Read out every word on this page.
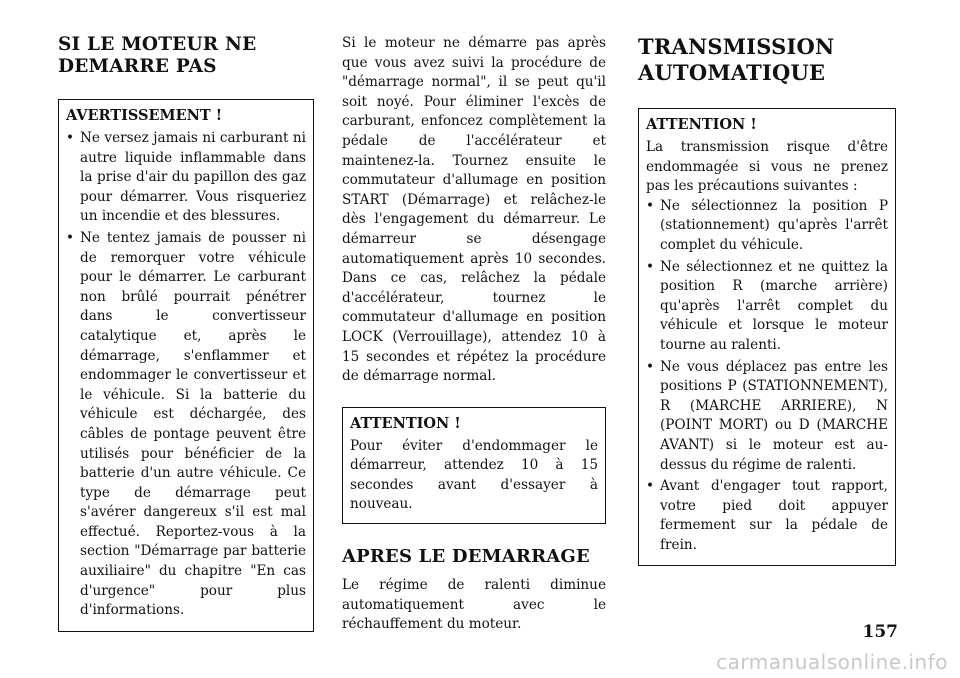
SI LE MOTEUR NE
DEMARRE PAS

AVERTISSEMENT !

• Ne versez jamais ni carburant ni autre liquide inflammable dans la prise d'air du papillon des gaz pour démarrer. Vous risqueriez un incendie et des blessures.
• Ne tentez jamais de pousser ni de remorquer votre véhicule pour le démarrer. Le carburant non brûlé pourrait pénétrer dans le convertisseur catalytique et, après le démarrage, s'enflammer et endommager le convertisseur et le véhicule. Si la batterie du véhicule est déchargée, des câbles de pontage peuvent être utilisés pour bénéficier de la batterie d'un autre véhicule. Ce type de démarrage peut s'avérer dangereux s'il est mal effectué. Reportez-vous à la section "Démarrage par batterie auxiliaire" du chapitre "En cas d'urgence" pour plus d'informations.

Si le moteur ne démarre pas après que vous avez suivi la procédure de "démarrage normal", il se peut qu'il soit noyé. Pour éliminer l'excès de carburant, enfoncez complètement la pédale de l'accélérateur et maintenez-la. Tournez ensuite le commutateur d'allumage en position START (Démarrage) et relâchez-le dès l'engagement du démarreur. Le démarreur se désengage automatiquement après 10 secondes. Dans ce cas, relâchez la pédale d'accélérateur, tournez le commutateur d'allumage en position LOCK (Verrouillage), attendez 10 à 15 secondes et répétez la procédure de démarrage normal.

ATTENTION !

Pour éviter d'endommager le démarreur, attendez 10 à 15 secondes avant d'essayer à nouveau.

APRES LE DEMARRAGE

Le régime de ralenti diminue automatiquement avec le réchauffement du moteur.

TRANSMISSION
AUTOMATIQUE

ATTENTION !

La transmission risque d'être endommagée si vous ne prenez pas les précautions suivantes :

• Ne sélectionnez la position P (stationnement) qu'après l'arrêt complet du véhicule.
• Ne sélectionnez et ne quittez la position R (marche arrière) qu'après l'arrêt complet du véhicule et lorsque le moteur tourne au ralenti.
• Ne vous déplacez pas entre les positions P (STATIONNEMENT), R (MARCHE ARRIERE), N (POINT MORT) ou D (MARCHE AVANT) si le moteur est au-dessus du régime de ralenti.
• Avant d'engager tout rapport, votre pied doit appuyer fermement sur la pédale de frein.
157
carmanualsonline.info
